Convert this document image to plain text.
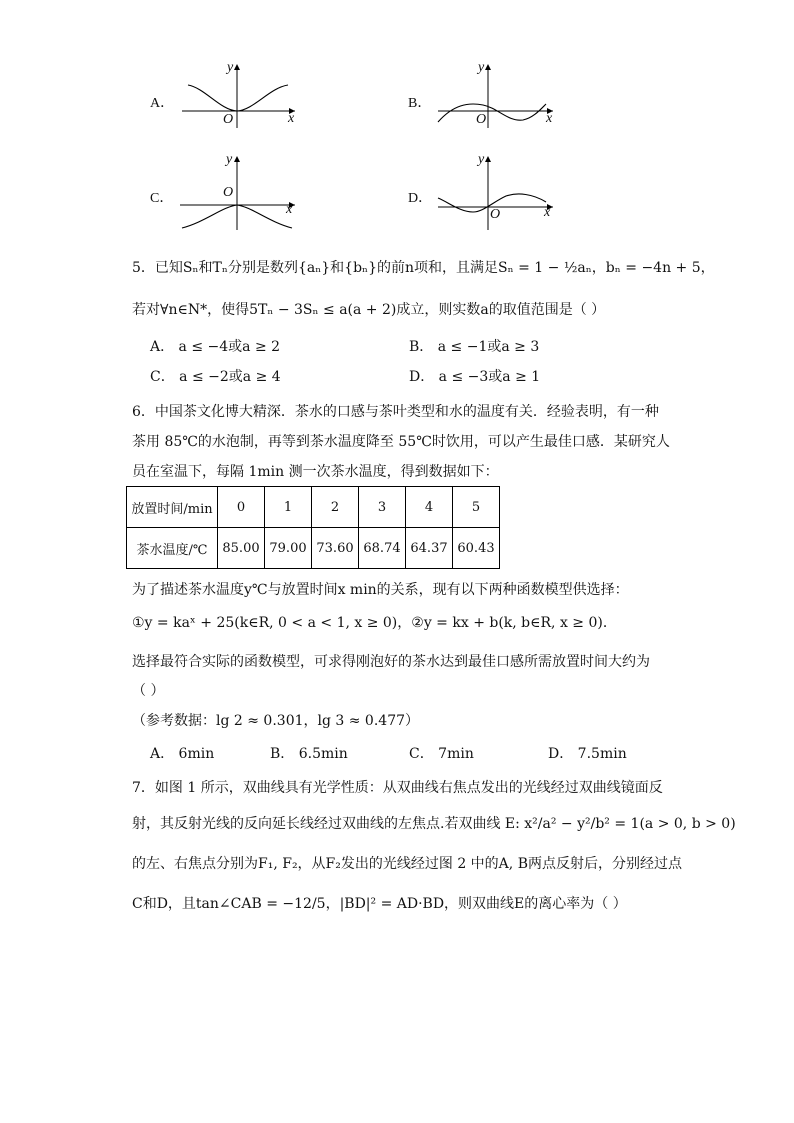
A．
O	x
y
B．
O	x
y
C．	O
x
y
D．
O	x
y
5．已知Sₙ和Tₙ分别是数列{aₙ}和{bₙ}的前n项和，且满足Sₙ = 1 − ½aₙ，bₙ = −4n + 5，
若对∀n∈N*，使得5Tₙ − 3Sₙ ≤ a(a + 2)成立，则实数a的取值范围是（ ）
A． a ≤ −4或a ≥ 2	B． a ≤ −1或a ≥ 3
C． a ≤ −2或a ≥ 4	D． a ≤ −3或a ≥ 1
6．中国茶文化博大精深．茶水的口感与茶叶类型和水的温度有关．经验表明，有一种
茶用 85℃的水泡制，再等到茶水温度降至 55℃时饮用，可以产生最佳口感．某研究人
员在室温下，每隔 1min 测一次茶水温度，得到数据如下：
放置时间/min	0	1	2	3	4	5
茶水温度/℃	85.00	79.00	73.60	68.74	64.37	60.43
为了描述茶水温度y℃与放置时间x min的关系，现有以下两种函数模型供选择：
①y = kaˣ + 25(k∈R, 0 < a < 1, x ≥ 0)，②y = kx + b(k, b∈R, x ≥ 0)．
选择最符合实际的函数模型，可求得刚泡好的茶水达到最佳口感所需放置时间大约为
（ ）
（参考数据：lg 2 ≈ 0.301，lg 3 ≈ 0.477）
A． 6min	B． 6.5min	C． 7min	D． 7.5min
7．如图 1 所示，双曲线具有光学性质：从双曲线右焦点发出的光线经过双曲线镜面反
射，其反射光线的反向延长线经过双曲线的左焦点.若双曲线 E: x²/a² − y²/b² = 1(a > 0, b > 0)
的左、右焦点分别为F₁, F₂，从F₂发出的光线经过图 2 中的A, B两点反射后，分别经过点
C和D，且tan∠CAB = −12/5，|BD|² = AD·BD，则双曲线E的离心率为（ ）
